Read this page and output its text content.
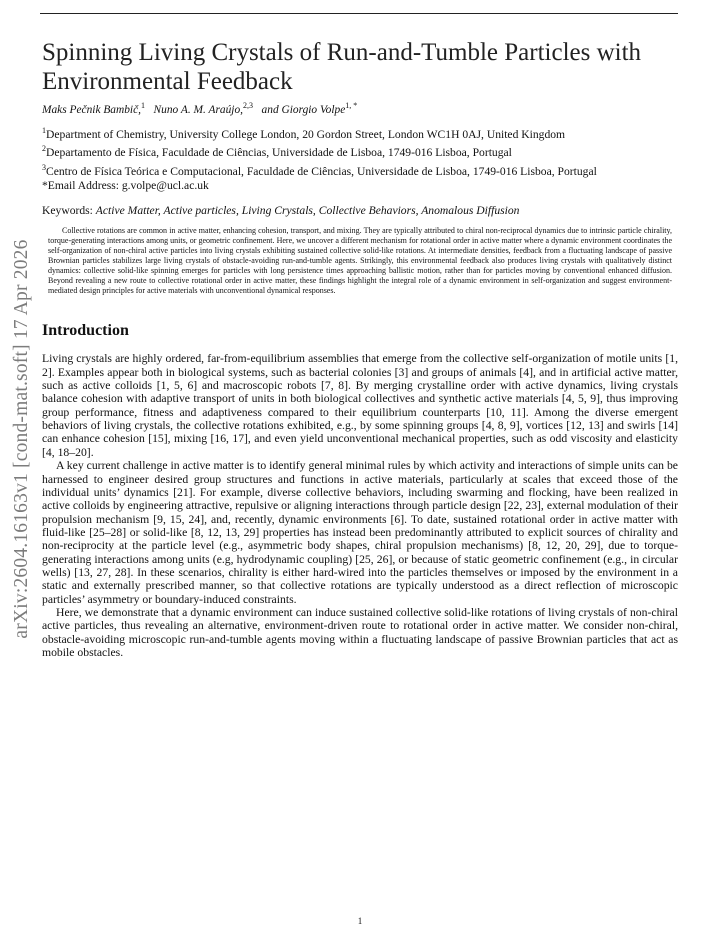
arXiv:2604.16163v1 [cond-mat.soft] 17 Apr 2026
Spinning Living Crystals of Run-and-Tumble Particles with Environmental Feedback

Maks Pečnik Bambič,$^1$ Nuno A. M. Araújo,$^{2,3}$ and Giorgio Volpe$^{1, *}$

$^1$Department of Chemistry, University College London, 20 Gordon Street, London WC1H 0AJ, United Kingdom

$^2$Departamento de Física, Faculdade de Ciências, Universidade de Lisboa, 1749-016 Lisboa, Portugal

$^3$Centro de Física Teórica e Computacional, Faculdade de Ciências, Universidade de Lisboa, 1749-016 Lisboa, Portugal

*Email Address: g.volpe@ucl.ac.uk

Keywords: Active Matter, Active particles, Living Crystals, Collective Behaviors, Anomalous Diffusion

Collective rotations are common in active matter, enhancing cohesion, transport, and mixing. They are typically attributed to chiral non-reciprocal dynamics due to intrinsic particle chirality, torque-generating interactions among units, or geometric confinement. Here, we uncover a different mechanism for rotational order in active matter where a dynamic environment coordinates the self-organization of non-chiral active particles into living crystals exhibiting sustained collective solid-like rotations. At intermediate densities, feedback from a fluctuating landscape of passive Brownian particles stabilizes large living crystals of obstacle-avoiding run-and-tumble agents. Strikingly, this environmental feedback also produces living crystals with qualitatively distinct dynamics: collective solid-like spinning emerges for particles with long persistence times approaching ballistic motion, rather than for particles moving by conventional enhanced diffusion. Beyond revealing a new route to collective rotational order in active matter, these findings highlight the integral role of a dynamic environment in self-organization and suggest environment-mediated design principles for active materials with unconventional dynamical responses.

Introduction

Living crystals are highly ordered, far-from-equilibrium assemblies that emerge from the collective self-organization of motile units [1, 2]. Examples appear both in biological systems, such as bacterial colonies [3] and groups of animals [4], and in artificial active matter, such as active colloids [1, 5, 6] and macroscopic robots [7, 8]. By merging crystalline order with active dynamics, living crystals balance cohesion with adaptive transport of units in both biological collectives and synthetic active materials [4, 5, 9], thus improving group performance, fitness and adaptiveness compared to their equilibrium counterparts [10, 11]. Among the diverse emergent behaviors of living crystals, the collective rotations exhibited, e.g., by some spinning groups [4, 8, 9], vortices [12, 13] and swirls [14] can enhance cohesion [15], mixing [16, 17], and even yield unconventional mechanical properties, such as odd viscosity and elasticity [4, 18–20].

A key current challenge in active matter is to identify general minimal rules by which activity and interactions of simple units can be harnessed to engineer desired group structures and functions in active materials, particularly at scales that exceed those of the individual units’ dynamics [21]. For example, diverse collective behaviors, including swarming and flocking, have been realized in active colloids by engineering attractive, repulsive or aligning interactions through particle design [22, 23], external modulation of their propulsion mechanism [9, 15, 24], and, recently, dynamic environments [6]. To date, sustained rotational order in active matter with fluid-like [25–28] or solid-like [8, 12, 13, 29] properties has instead been predominantly attributed to explicit sources of chirality and non-reciprocity at the particle level (e.g., asymmetric body shapes, chiral propulsion mechanisms) [8, 12, 20, 29], due to torque-generating interactions among units (e.g, hydrodynamic coupling) [25, 26], or because of static geometric confinement (e.g., in circular wells) [13, 27, 28]. In these scenarios, chirality is either hard-wired into the particles themselves or imposed by the environment in a static and externally prescribed manner, so that collective rotations are typically understood as a direct reflection of microscopic particles’ asymmetry or boundary-induced constraints.

Here, we demonstrate that a dynamic environment can induce sustained collective solid-like rotations of living crystals of non-chiral active particles, thus revealing an alternative, environment-driven route to rotational order in active matter. We consider non-chiral, obstacle-avoiding microscopic run-and-tumble agents moving within a fluctuating landscape of passive Brownian particles that act as mobile obstacles.

1
